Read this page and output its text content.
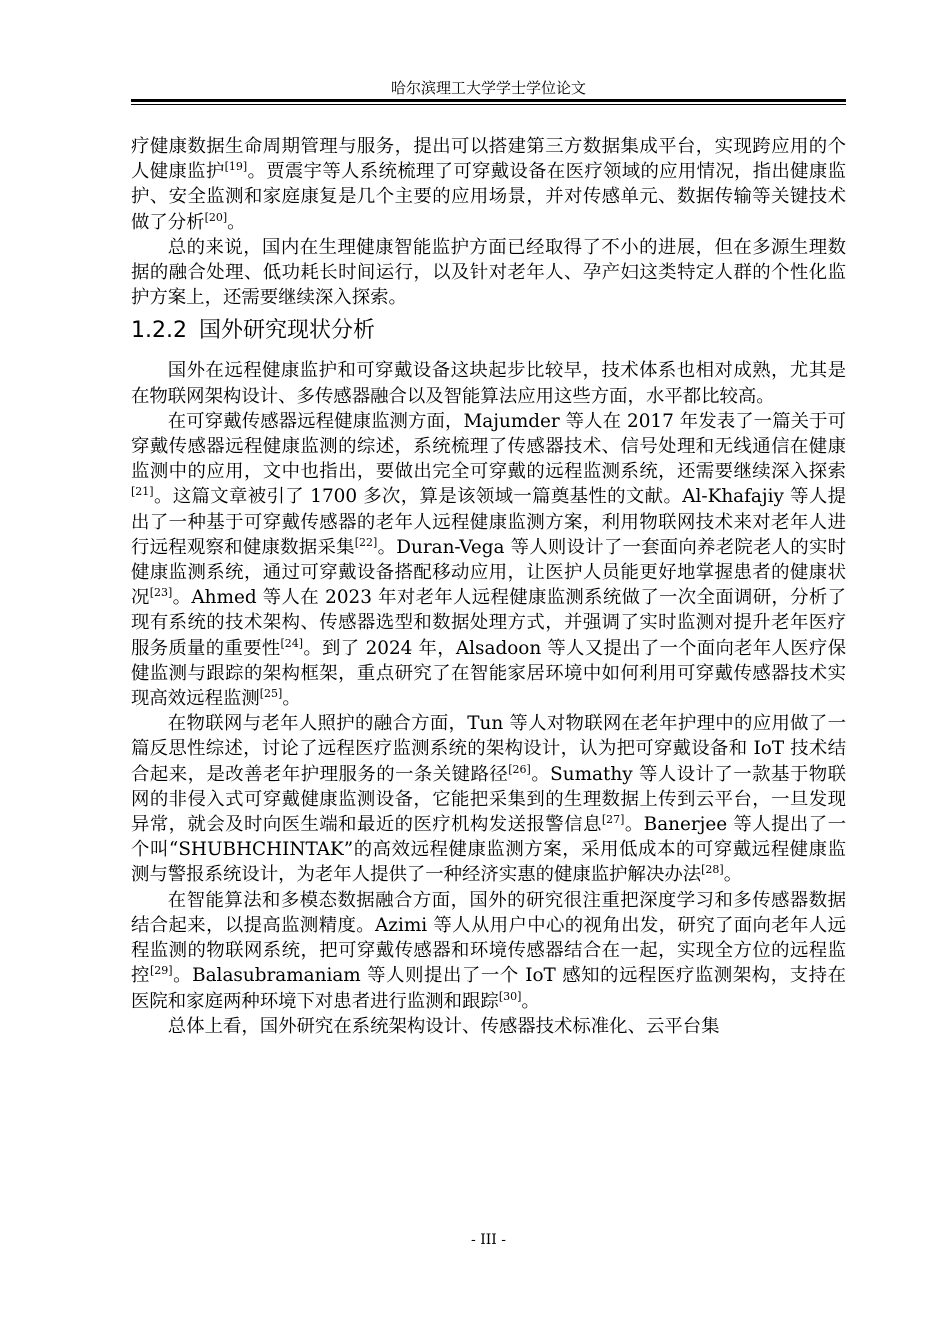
哈尔滨理工大学学士学位论文

疗健康数据生命周期管理与服务，提出可以搭建第三方数据集成平台，实现跨应用的个人健康监护[19]。贾震宇等人系统梳理了可穿戴设备在医疗领域的应用情况，指出健康监护、安全监测和家庭康复是几个主要的应用场景，并对传感单元、数据传输等关键技术做了分析[20]。

总的来说，国内在生理健康智能监护方面已经取得了不小的进展，但在多源生理数据的融合处理、低功耗长时间运行，以及针对老年人、孕产妇这类特定人群的个性化监护方案上，还需要继续深入探索。

1.2.2 国外研究现状分析

国外在远程健康监护和可穿戴设备这块起步比较早，技术体系也相对成熟，尤其是在物联网架构设计、多传感器融合以及智能算法应用这些方面，水平都比较高。

在可穿戴传感器远程健康监测方面，Majumder 等人在 2017 年发表了一篇关于可穿戴传感器远程健康监测的综述，系统梳理了传感器技术、信号处理和无线通信在健康监测中的应用，文中也指出，要做出完全可穿戴的远程监测系统，还需要继续深入探索[21]。这篇文章被引了 1700 多次，算是该领域一篇奠基性的文献。Al-Khafajiy 等人提出了一种基于可穿戴传感器的老年人远程健康监测方案，利用物联网技术来对老年人进行远程观察和健康数据采集[22]。Duran-Vega 等人则设计了一套面向养老院老人的实时健康监测系统，通过可穿戴设备搭配移动应用，让医护人员能更好地掌握患者的健康状况[23]。Ahmed 等人在 2023 年对老年人远程健康监测系统做了一次全面调研，分析了现有系统的技术架构、传感器选型和数据处理方式，并强调了实时监测对提升老年医疗服务质量的重要性[24]。到了 2024 年，Alsadoon 等人又提出了一个面向老年人医疗保健监测与跟踪的架构框架，重点研究了在智能家居环境中如何利用可穿戴传感器技术实现高效远程监测[25]。

在物联网与老年人照护的融合方面，Tun 等人对物联网在老年护理中的应用做了一篇反思性综述，讨论了远程医疗监测系统的架构设计，认为把可穿戴设备和 IoT 技术结合起来，是改善老年护理服务的一条关键路径[26]。Sumathy 等人设计了一款基于物联网的非侵入式可穿戴健康监测设备，它能把采集到的生理数据上传到云平台，一旦发现异常，就会及时向医生端和最近的医疗机构发送报警信息[27]。Banerjee 等人提出了一个叫“SHUBHCHINTAK”的高效远程健康监测方案，采用低成本的可穿戴远程健康监测与警报系统设计，为老年人提供了一种经济实惠的健康监护解决办法[28]。

在智能算法和多模态数据融合方面，国外的研究很注重把深度学习和多传感器数据结合起来，以提高监测精度。Azimi 等人从用户中心的视角出发，研究了面向老年人远程监测的物联网系统，把可穿戴传感器和环境传感器结合在一起，实现全方位的远程监控[29]。Balasubramaniam 等人则提出了一个 IoT 感知的远程医疗监测架构，支持在医院和家庭两种环境下对患者进行监测和跟踪[30]。

总体上看，国外研究在系统架构设计、传感器技术标准化、云平台集

- III -
